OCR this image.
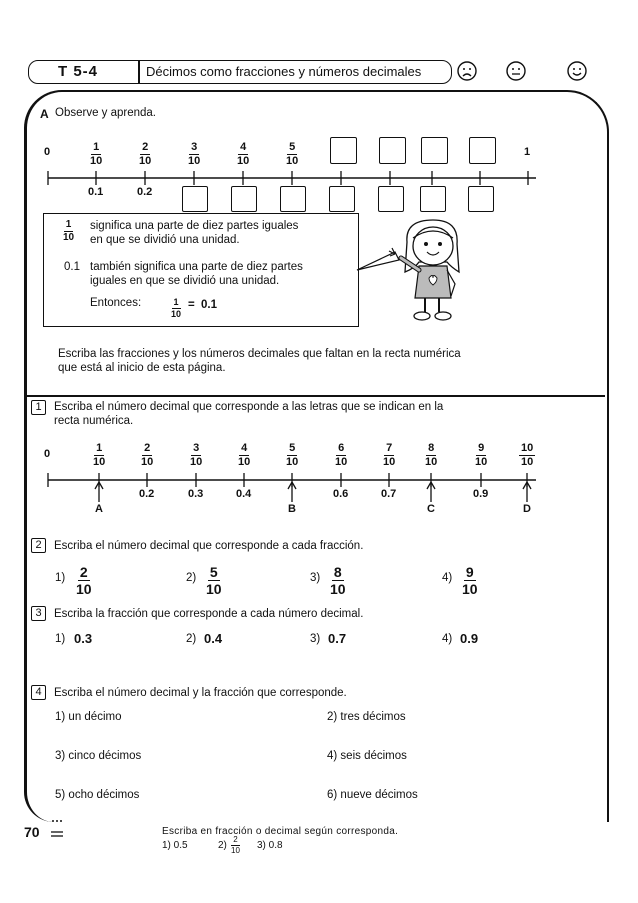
T 5-4	Décimos como fracciones y números decimales
A Observe y aprenda.
0	1
$\frac{1}{10}$	$\frac{2}{10}$	$\frac{3}{10}$	$\frac{4}{10}$	$\frac{5}{10}$
0.1	0.2
$\frac{1}{10}$ significa una parte de diez partes iguales
en que se dividió una unidad.
0.1 también significa una parte de diez partes
iguales en que se dividió una unidad.
Entonces:	$\frac{1}{10} = 0.1$
Escriba las fracciones y los números decimales que faltan en la recta numérica
que está al inicio de esta página.
1	Escriba el número decimal que corresponde a las letras que se indican en la
recta numérica.
0	$\frac{1}{10}$	$\frac{2}{10}$	$\frac{3}{10}$	$\frac{4}{10}$	$\frac{5}{10}$	$\frac{6}{10}$	$\frac{7}{10}$	$\frac{8}{10}$	$\frac{9}{10}$	$\frac{10}{10}$
0.2	0.3	0.4	0.6	0.7	0.9
A	B	C	D
2	Escriba el número decimal que corresponde a cada fracción.
$1) \frac{2}{10}$	$2) \frac{5}{10}$	$3) \frac{8}{10}$	$4) \frac{9}{10}$
3	Escriba la fracción que corresponde a cada número decimal.
1) 0.3	2) 0.4	3) 0.7	4) 0.9
4	Escriba el número decimal y la fracción que corresponde.
1) un décimo	2) tres décimos
3) cinco décimos	4) seis décimos
5) ocho décimos	6) nueve décimos
70	Escriba en fracción o decimal según corresponda.
1) 0.5	$2) \frac{2}{10} 3$) 0.8
